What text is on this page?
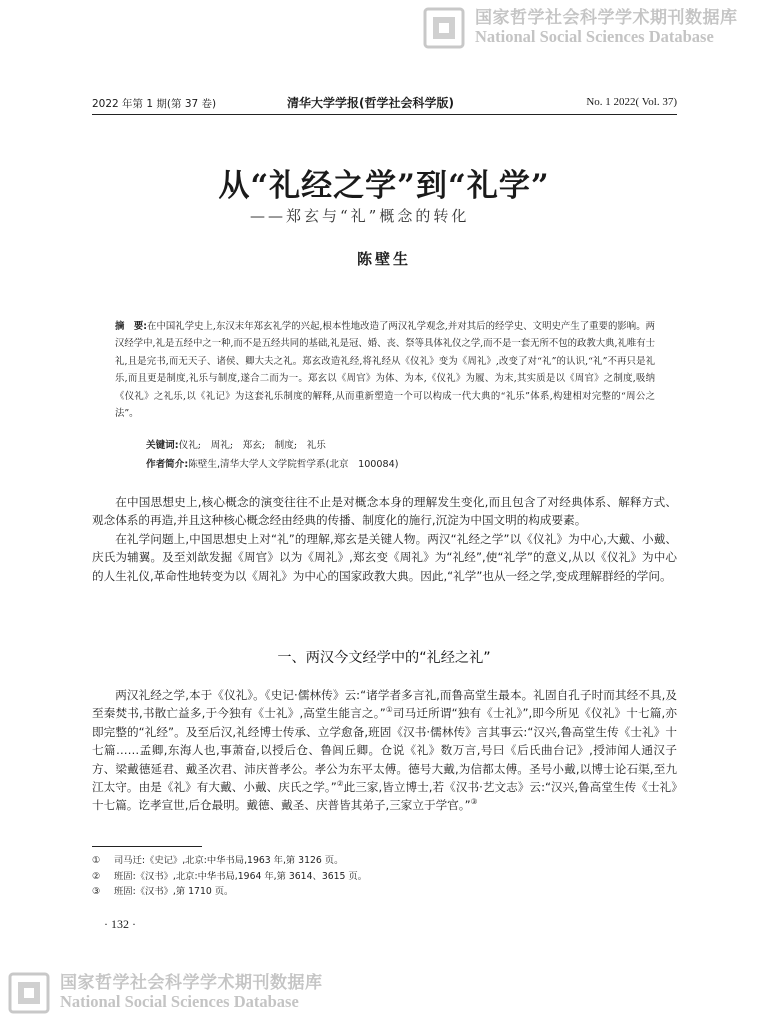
国家哲学社会科学学术期刊数据库
National Social Sciences Database
2022 年第 1 期(第 37 卷)	清华大学学报(哲学社会科学版)	No. 1 2022( Vol. 37)
从“礼经之学”到“礼学”
——郑玄与“礼”概念的转化
陈壁生
摘　要:在中国礼学史上,东汉末年郑玄礼学的兴起,根本性地改造了两汉礼学观念,并对其后的经学史、文明史产生了重要的影响。两汉经学中,礼是五经中之一种,而不是五经共同的基础,礼是冠、婚、丧、祭等具体礼仪之学,而不是一套无所不包的政教大典,礼唯有士礼,且是完书,而无天子、诸侯、卿大夫之礼。郑玄改造礼经,将礼经从《仪礼》变为《周礼》,改变了对“礼”的认识,“礼”不再只是礼乐,而且更是制度,礼乐与制度,遂合二而为一。郑玄以《周官》为体、为本,《仪礼》为履、为末,其实质是以《周官》之制度,吸纳《仪礼》之礼乐,以《礼记》为这套礼乐制度的解释,从而重新塑造一个可以构成一代大典的“礼乐”体系,构建相对完整的“周公之法”。
关键词:仪礼;　周礼;　郑玄;　制度;　礼乐
作者简介:陈壁生,清华大学人文学院哲学系(北京　100084)

在中国思想史上,核心概念的演变往往不止是对概念本身的理解发生变化,而且包含了对经典体系、解释方式、观念体系的再造,并且这种核心概念经由经典的传播、制度化的施行,沉淀为中国文明的构成要素。

在礼学问题上,中国思想史上对“礼”的理解,郑玄是关键人物。两汉“礼经之学”以《仪礼》为中心,大戴、小戴、庆氏为辅翼。及至刘歆发掘《周官》以为《周礼》,郑玄变《周礼》为“礼经”,使“礼学”的意义,从以《仪礼》为中心的人生礼仪,革命性地转变为以《周礼》为中心的国家政教大典。因此,“礼学”也从一经之学,变成理解群经的学问。

一、两汉今文经学中的“礼经之礼”

两汉礼经之学,本于《仪礼》。《史记·儒林传》云:“诸学者多言礼,而鲁高堂生最本。礼固自孔子时而其经不具,及至秦焚书,书散亡益多,于今独有《士礼》,高堂生能言之。”①司马迁所谓“独有《士礼》”,即今所见《仪礼》十七篇,亦即完整的“礼经”。及至后汉,礼经博士传承、立学愈备,班固《汉书·儒林传》言其事云:“汉兴,鲁高堂生传《士礼》十七篇……孟卿,东海人也,事萧奋,以授后仓、鲁闾丘卿。仓说《礼》数万言,号曰《后氏曲台记》,授沛闻人通汉子方、梁戴德延君、戴圣次君、沛庆普孝公。孝公为东平太傅。德号大戴,为信都太傅。圣号小戴,以博士论石渠,至九江太守。由是《礼》有大戴、小戴、庆氏之学。”②此三家,皆立博士,若《汉书·艺文志》云:“汉兴,鲁高堂生传《士礼》十七篇。讫孝宣世,后仓最明。戴德、戴圣、庆普皆其弟子,三家立于学官。”③

①	司马迁:《史记》,北京:中华书局,1963 年,第 3126 页。
②	班固:《汉书》,北京:中华书局,1964 年,第 3614、3615 页。
③	班固:《汉书》,第 1710 页。
· 132 ·
国家哲学社会科学学术期刊数据库
National Social Sciences Database
